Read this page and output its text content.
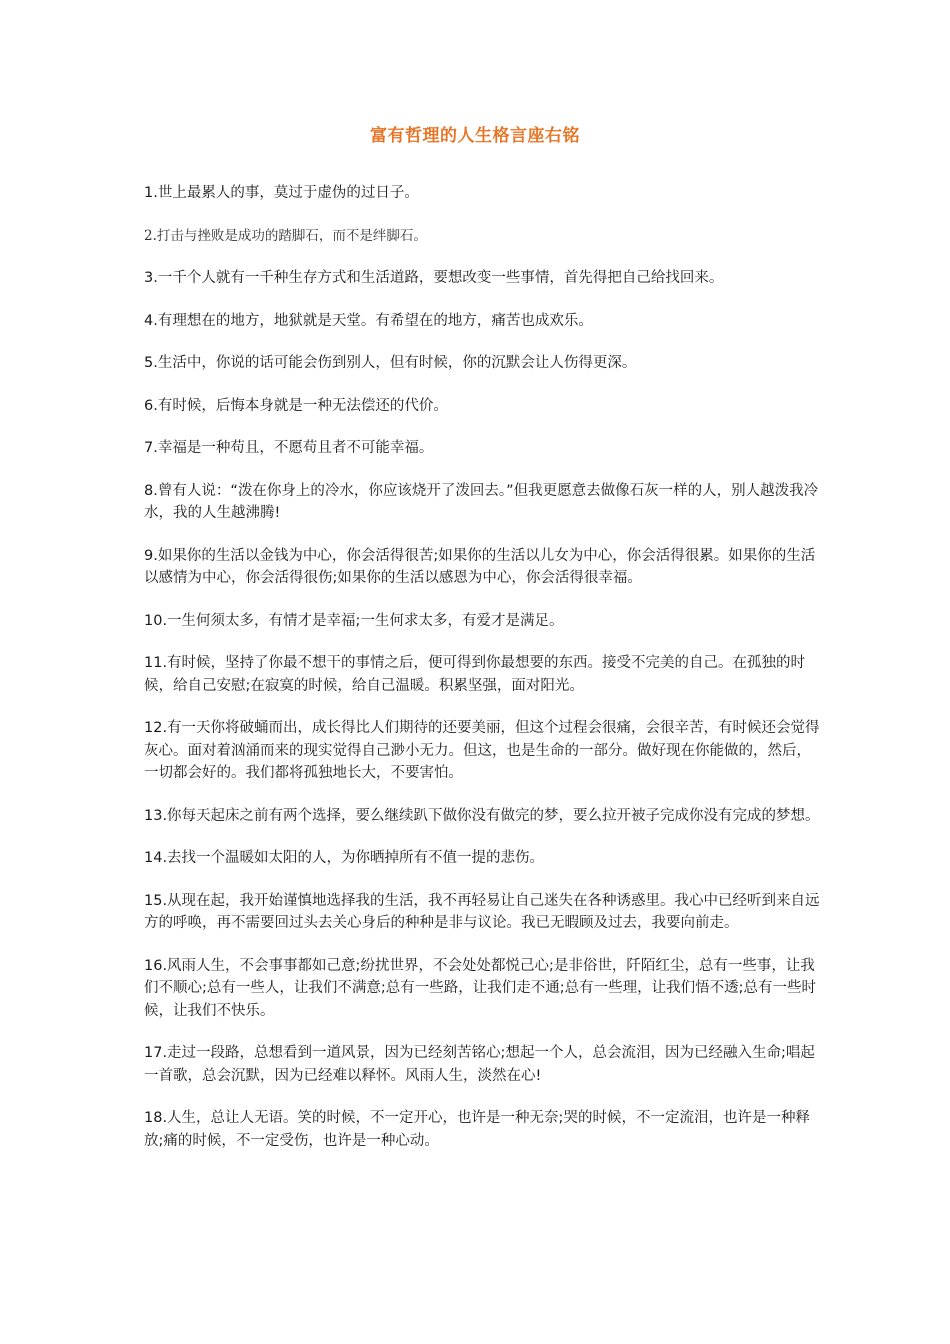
富有哲理的人生格言座右铭

1.世上最累人的事，莫过于虚伪的过日子。

2.打击与挫败是成功的踏脚石，而不是绊脚石。

3.一千个人就有一千种生存方式和生活道路，要想改变一些事情，首先得把自己给找回来。

4.有理想在的地方，地狱就是天堂。有希望在的地方，痛苦也成欢乐。

5.生活中，你说的话可能会伤到别人，但有时候，你的沉默会让人伤得更深。

6.有时候，后悔本身就是一种无法偿还的代价。

7.幸福是一种苟且，不愿苟且者不可能幸福。

8.曾有人说：“泼在你身上的冷水，你应该烧开了泼回去。”但我更愿意去做像石灰一样的人，别人越泼我冷水，我的人生越沸腾!

9.如果你的生活以金钱为中心，你会活得很苦;如果你的生活以儿女为中心，你会活得很累。如果你的生活以感情为中心，你会活得很伤;如果你的生活以感恩为中心，你会活得很幸福。

10.一生何须太多，有情才是幸福;一生何求太多，有爱才是满足。

11.有时候，坚持了你最不想干的事情之后，便可得到你最想要的东西。接受不完美的自己。在孤独的时候，给自己安慰;在寂寞的时候，给自己温暖。积累坚强，面对阳光。

12.有一天你将破蛹而出，成长得比人们期待的还要美丽，但这个过程会很痛，会很辛苦，有时候还会觉得灰心。面对着汹涌而来的现实觉得自己渺小无力。但这，也是生命的一部分。做好现在你能做的，然后，一切都会好的。我们都将孤独地长大，不要害怕。

13.你每天起床之前有两个选择，要么继续趴下做你没有做完的梦，要么拉开被子完成你没有完成的梦想。

14.去找一个温暖如太阳的人，为你晒掉所有不值一提的悲伤。

15.从现在起，我开始谨慎地选择我的生活，我不再轻易让自己迷失在各种诱惑里。我心中已经听到来自远方的呼唤，再不需要回过头去关心身后的种种是非与议论。我已无暇顾及过去，我要向前走。

16.风雨人生，不会事事都如己意;纷扰世界，不会处处都悦己心;是非俗世，阡陌红尘，总有一些事，让我们不顺心;总有一些人，让我们不满意;总有一些路，让我们走不通;总有一些理，让我们悟不透;总有一些时候，让我们不快乐。

17.走过一段路，总想看到一道风景，因为已经刻苦铭心;想起一个人，总会流泪，因为已经融入生命;唱起一首歌，总会沉默，因为已经难以释怀。风雨人生，淡然在心!

18.人生，总让人无语。笑的时候，不一定开心，也许是一种无奈;哭的时候，不一定流泪，也许是一种释放;痛的时候，不一定受伤，也许是一种心动。
